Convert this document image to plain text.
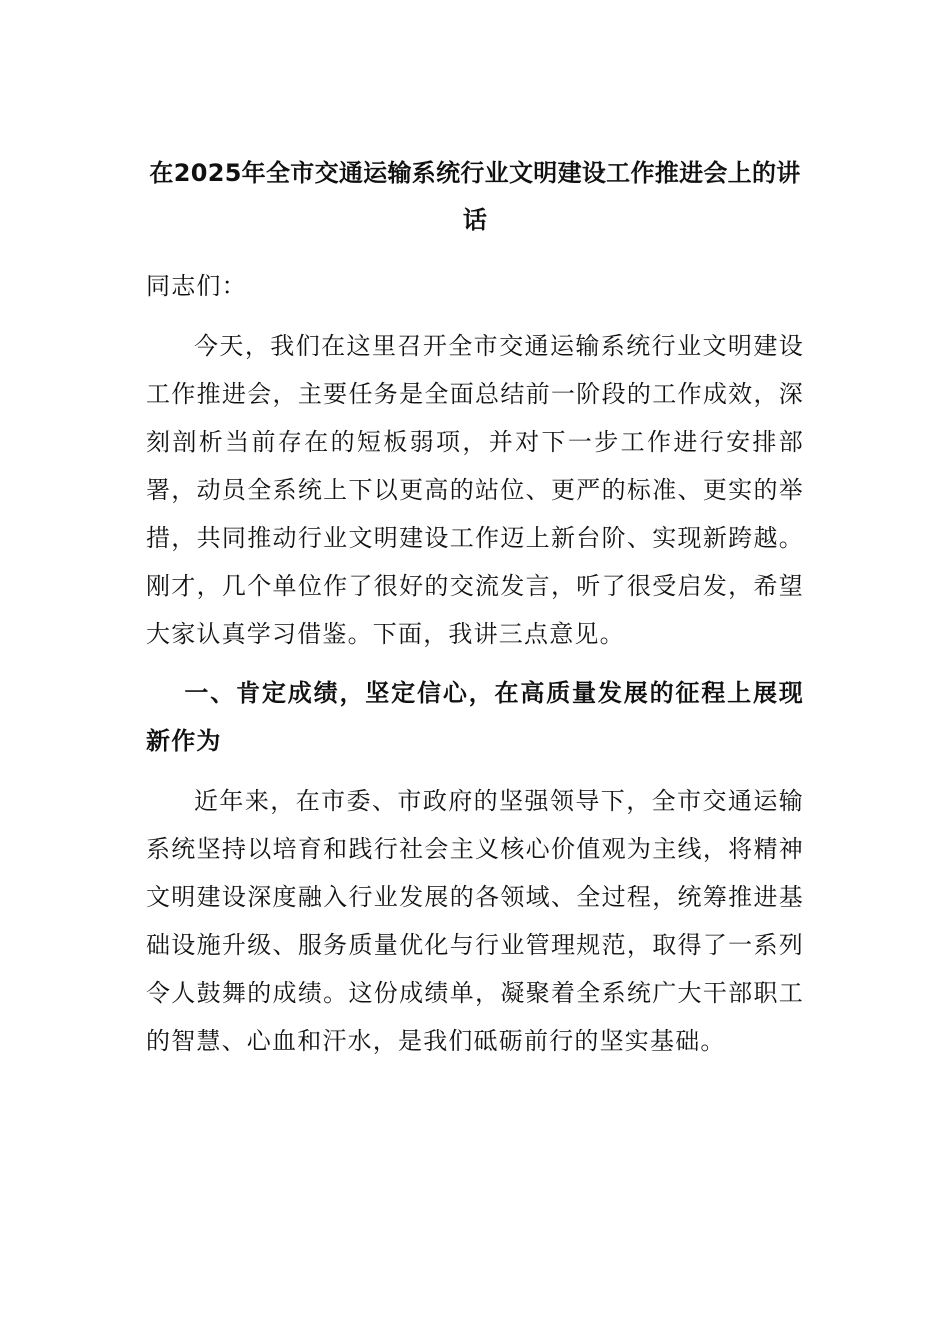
在2025年全市交通运输系统行业文明建设工作推进会上的讲话

同志们：

今天，我们在这里召开全市交通运输系统行业文明建设工作推进会，主要任务是全面总结前一阶段的工作成效，深刻剖析当前存在的短板弱项，并对下一步工作进行安排部署，动员全系统上下以更高的站位、更严的标准、更实的举措，共同推动行业文明建设工作迈上新台阶、实现新跨越。刚才，几个单位作了很好的交流发言，听了很受启发，希望大家认真学习借鉴。下面，我讲三点意见。

一、肯定成绩，坚定信心，在高质量发展的征程上展现新作为

近年来，在市委、市政府的坚强领导下，全市交通运输系统坚持以培育和践行社会主义核心价值观为主线，将精神文明建设深度融入行业发展的各领域、全过程，统筹推进基础设施升级、服务质量优化与行业管理规范，取得了一系列令人鼓舞的成绩。这份成绩单，凝聚着全系统广大干部职工的智慧、心血和汗水，是我们砥砺前行的坚实基础。
